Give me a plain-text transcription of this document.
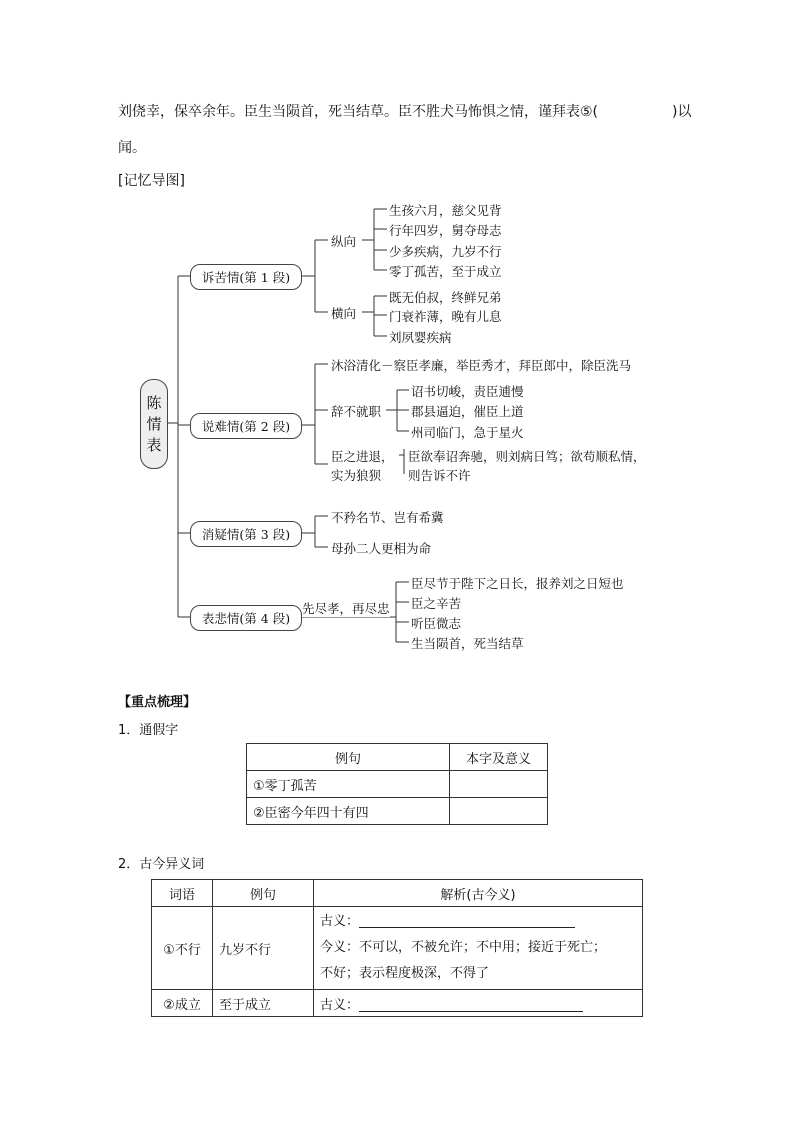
刘侥幸，保卒余年。臣生当陨首，死当结草。臣不胜犬马怖惧之情，谨拜表⑤(	)以
闻。
[记忆导图]
陈
情
表
诉苦情(第 1 段)
说难情(第 2 段)
消疑情(第 3 段)
表悲情(第 4 段)
纵向
生孩六月，慈父见背
行年四岁，舅夺母志
少多疾病，九岁不行
零丁孤苦，至于成立
横向
既无伯叔，终鲜兄弟
门衰祚薄，晚有儿息
刘夙婴疾病
沐浴清化－察臣孝廉，举臣秀才，拜臣郎中，除臣洗马
辞不就职
诏书切峻，责臣逋慢
郡县逼迫，催臣上道
州司临门，急于星火
臣之进退，
实为狼狈
臣欲奉诏奔驰，则刘病日笃；欲苟顺私情，
则告诉不许
不矜名节、岂有希冀
母孙二人更相为命
先尽孝，再尽忠
臣尽节于陛下之日长，报养刘之日短也
臣之辛苦
听臣微志
生当陨首，死当结草
【重点梳理】
1．通假字
例句	本字及意义
①零丁孤苦	
②臣密今年四十有四	
2．古今异义词
词语	例句	解析(古今义)
①不行	九岁不行	古义：
今义：不可以，不被允许；不中用；接近于死亡；
不好；表示程度极深，不得了

②成立	至于成立	古义：
